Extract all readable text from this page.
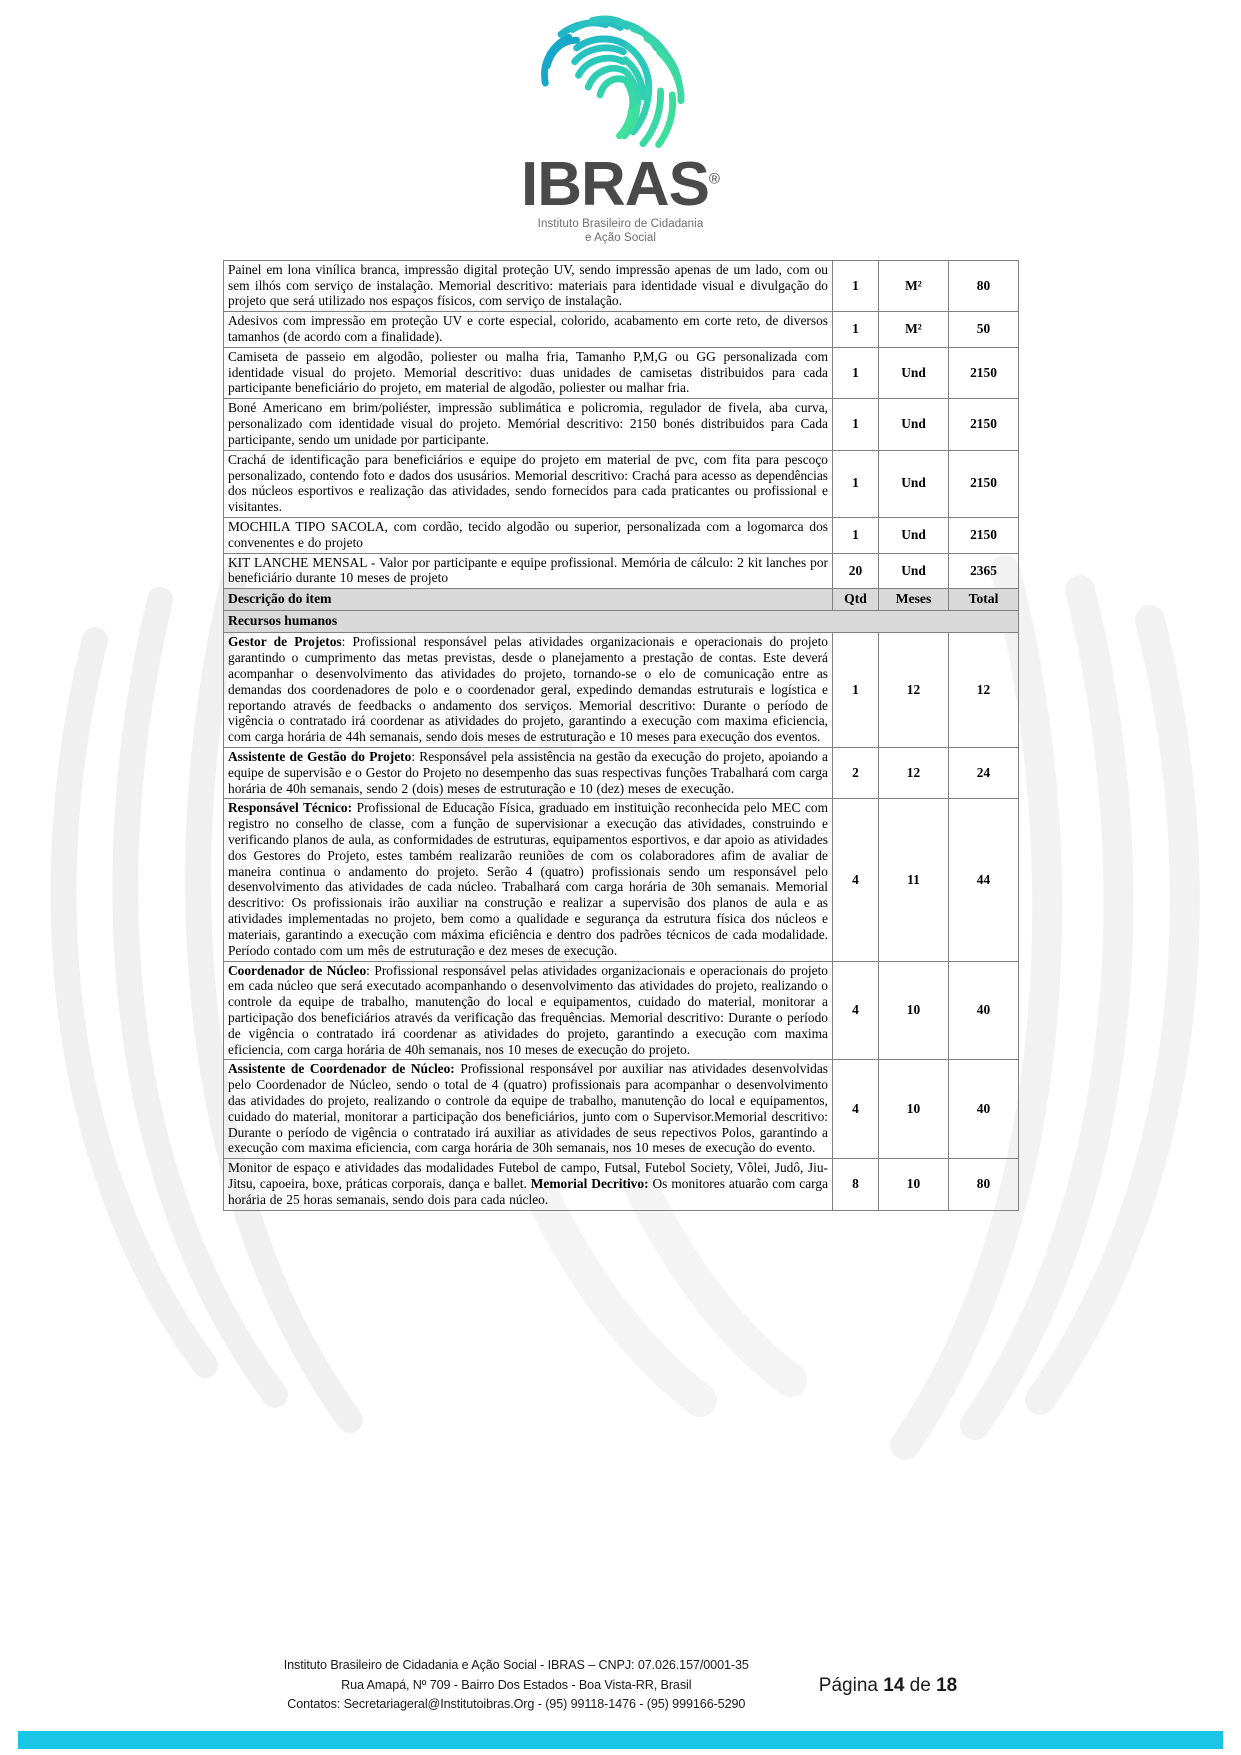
IBRAS®
Instituto Brasileiro de Cidadania
e Ação Social
Painel em lona vinílica branca, impressão digital proteção UV, sendo impressão apenas de um lado, com ou sem ilhós com serviço de instalação. Memorial descritivo: materiais para identidade visual e divulgação do projeto que será utilizado nos espaços físicos, com serviço de instalação.	1	M²	80
Adesivos com impressão em proteção UV e corte especial, colorido, acabamento em corte reto, de diversos tamanhos (de acordo com a finalidade).	1	M²	50
Camiseta de passeio em algodão, poliester ou malha fria, Tamanho P,M,G ou GG personalizada com identidade visual do projeto. Memorial descritivo: duas unidades de camisetas distribuidos para cada participante beneficiário do projeto, em material de algodão, poliester ou malhar fria.	1	Und	2150
Boné Americano em brim/poliéster, impressão sublimática e policromia, regulador de fivela, aba curva, personalizado com identidade visual do projeto. Memórial descritivo: 2150 bonés distribuidos para Cada participante, sendo um unidade por participante.	1	Und	2150
Crachá de identificação para beneficiários e equipe do projeto em material de pvc, com fita para pescoço personalizado, contendo foto e dados dos ususários. Memorial descritivo: Crachá para acesso as dependências dos núcleos esportivos e realização das atividades, sendo fornecidos para cada praticantes ou profissional e visitantes.	1	Und	2150
MOCHILA TIPO SACOLA, com cordão, tecido algodão ou superior, personalizada com a logomarca dos convenentes e do projeto	1	Und	2150
KIT LANCHE MENSAL - Valor por participante e equipe profissional. Memória de cálculo: 2 kit lanches por beneficiário durante 10 meses de projeto	20	Und	2365
Descrição do item	Qtd	Meses	Total
Recursos humanos			
Gestor de Projetos: Profissional responsável pelas atividades organizacionais e operacionais do projeto garantindo o cumprimento das metas previstas, desde o planejamento a prestação de contas. Este deverá acompanhar o desenvolvimento das atividades do projeto, tornando-se o elo de comunicação entre as demandas dos coordenadores de polo e o coordenador geral, expedindo demandas estruturais e logística e reportando através de feedbacks o andamento dos serviços. Memorial descritivo: Durante o período de vigência o contratado irá coordenar as atividades do projeto, garantindo a execução com maxima eficiencia, com carga horária de 44h semanais, sendo dois meses de estruturação e 10 meses para execução dos eventos.	1	12	12
Assistente de Gestão do Projeto: Responsável pela assistência na gestão da execução do projeto, apoiando a equipe de supervisão e o Gestor do Projeto no desempenho das suas respectivas funções Trabalhará com carga horária de 40h semanais, sendo 2 (dois) meses de estruturação e 10 (dez) meses de execução.	2	12	24
Responsável Técnico: Profissional de Educação Física, graduado em instituição reconhecida pelo MEC com registro no conselho de classe, com a função de supervisionar a execução das atividades, construindo e verificando planos de aula, as conformidades de estruturas, equipamentos esportivos, e dar apoio as atividades dos Gestores do Projeto, estes também realizarão reuniões de com os colaboradores afim de avaliar de maneira continua o andamento do projeto. Serão 4 (quatro) profissionais sendo um responsável pelo desenvolvimento das atividades de cada núcleo. Trabalhará com carga horária de 30h semanais. Memorial descritivo: Os profissionais irão auxiliar na construção e realizar a supervisão dos planos de aula e as atividades implementadas no projeto, bem como a qualidade e segurança da estrutura física dos núcleos e materiais, garantindo a execução com máxima eficiência e dentro dos padrões técnicos de cada modalidade. Período contado com um mês de estruturação e dez meses de execução.	4	11	44
Coordenador de Núcleo: Profissional responsável pelas atividades organizacionais e operacionais do projeto em cada núcleo que será executado acompanhando o desenvolvimento das atividades do projeto, realizando o controle da equipe de trabalho, manutenção do local e equipamentos, cuidado do material, monitorar a participação dos beneficiários através da verificação das frequências. Memorial descritivo: Durante o período de vigência o contratado irá coordenar as atividades do projeto, garantindo a execução com maxima eficiencia, com carga horária de 40h semanais, nos 10 meses de execução do projeto.	4	10	40
Assistente de Coordenador de Núcleo: Profissional responsável por auxiliar nas atividades desenvolvidas pelo Coordenador de Núcleo, sendo o total de 4 (quatro) profissionais para acompanhar o desenvolvimento das atividades do projeto, realizando o controle da equipe de trabalho, manutenção do local e equipamentos, cuidado do material, monitorar a participação dos beneficiários, junto com o Supervisor.Memorial descritivo: Durante o período de vigência o contratado irá auxiliar as atividades de seus repectivos Polos, garantindo a execução com maxima eficiencia, com carga horária de 30h semanais, nos 10 meses de execução do evento.	4	10	40
Monitor de espaço e atividades das modalidades Futebol de campo, Futsal, Futebol Society, Vôlei, Judô, Jiu-Jitsu, capoeira, boxe, práticas corporais, dança e ballet. Memorial Decritivo: Os monitores atuarão com carga horária de 25 horas semanais, sendo dois para cada núcleo.	8	10	80
Instituto Brasileiro de Cidadania e Ação Social - IBRAS – CNPJ: 07.026.157/0001-35
Rua Amapá, Nº 709 - Bairro Dos Estados - Boa Vista-RR, Brasil
Contatos: Secretariageral@Institutoibras.Org - (95) 99118-1476 - (95) 999166-5290
Página 14 de 18
